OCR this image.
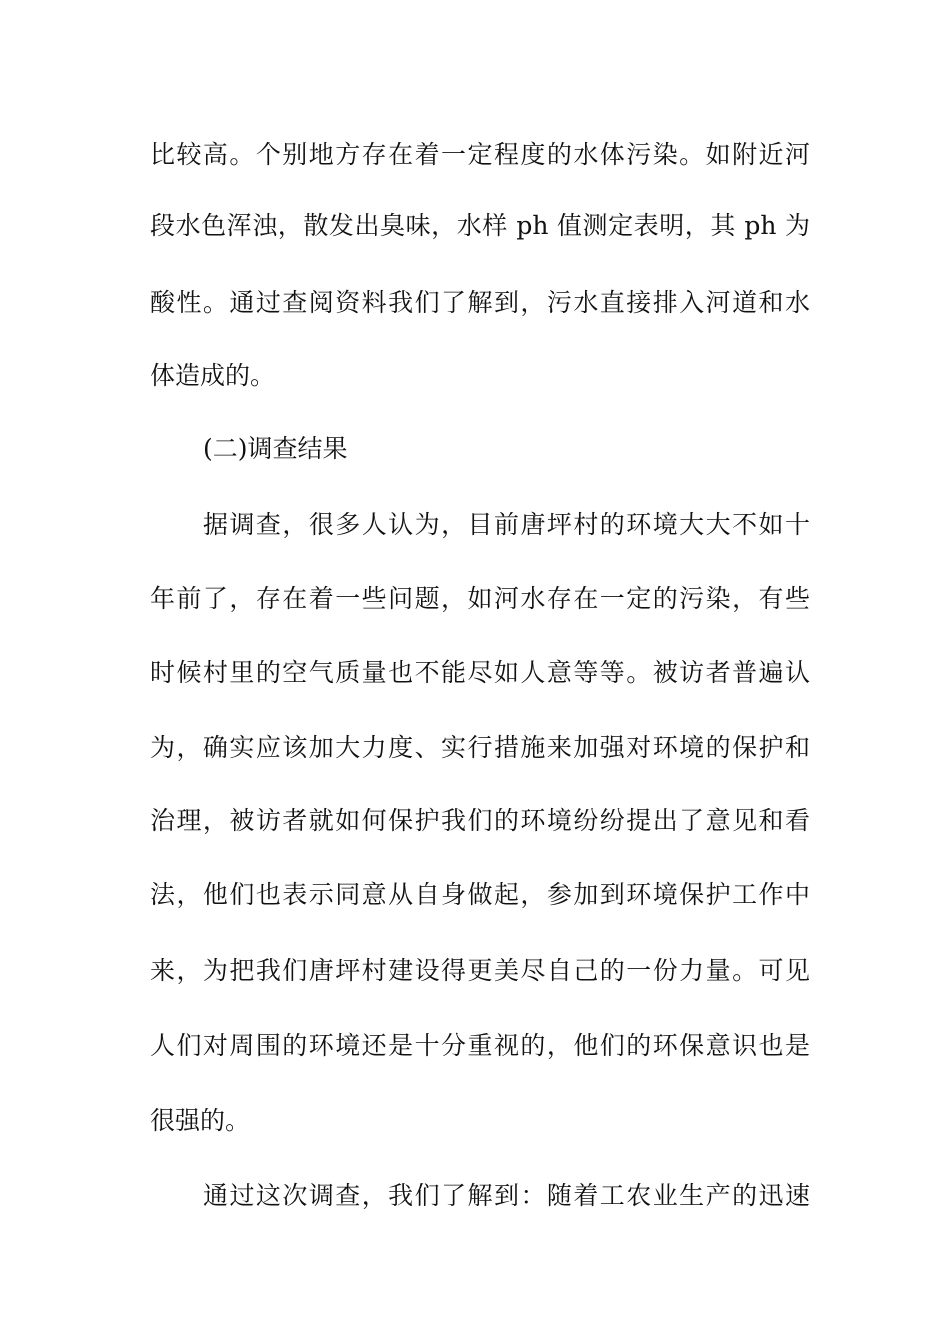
比较高。个别地方存在着一定程度的水体污染。如附近河
段水色浑浊，散发出臭味，水样 ph 值测定表明，其 ph 为
酸性。通过查阅资料我们了解到，污水直接排入河道和水
体造成的。
(二)调查结果
据调查，很多人认为，目前唐坪村的环境大大不如十
年前了，存在着一些问题，如河水存在一定的污染，有些
时候村里的空气质量也不能尽如人意等等。被访者普遍认
为，确实应该加大力度、实行措施来加强对环境的保护和
治理，被访者就如何保护我们的环境纷纷提出了意见和看
法，他们也表示同意从自身做起，参加到环境保护工作中
来，为把我们唐坪村建设得更美尽自己的一份力量。可见
人们对周围的环境还是十分重视的，他们的环保意识也是
很强的。
通过这次调查，我们了解到：随着工农业生产的迅速
